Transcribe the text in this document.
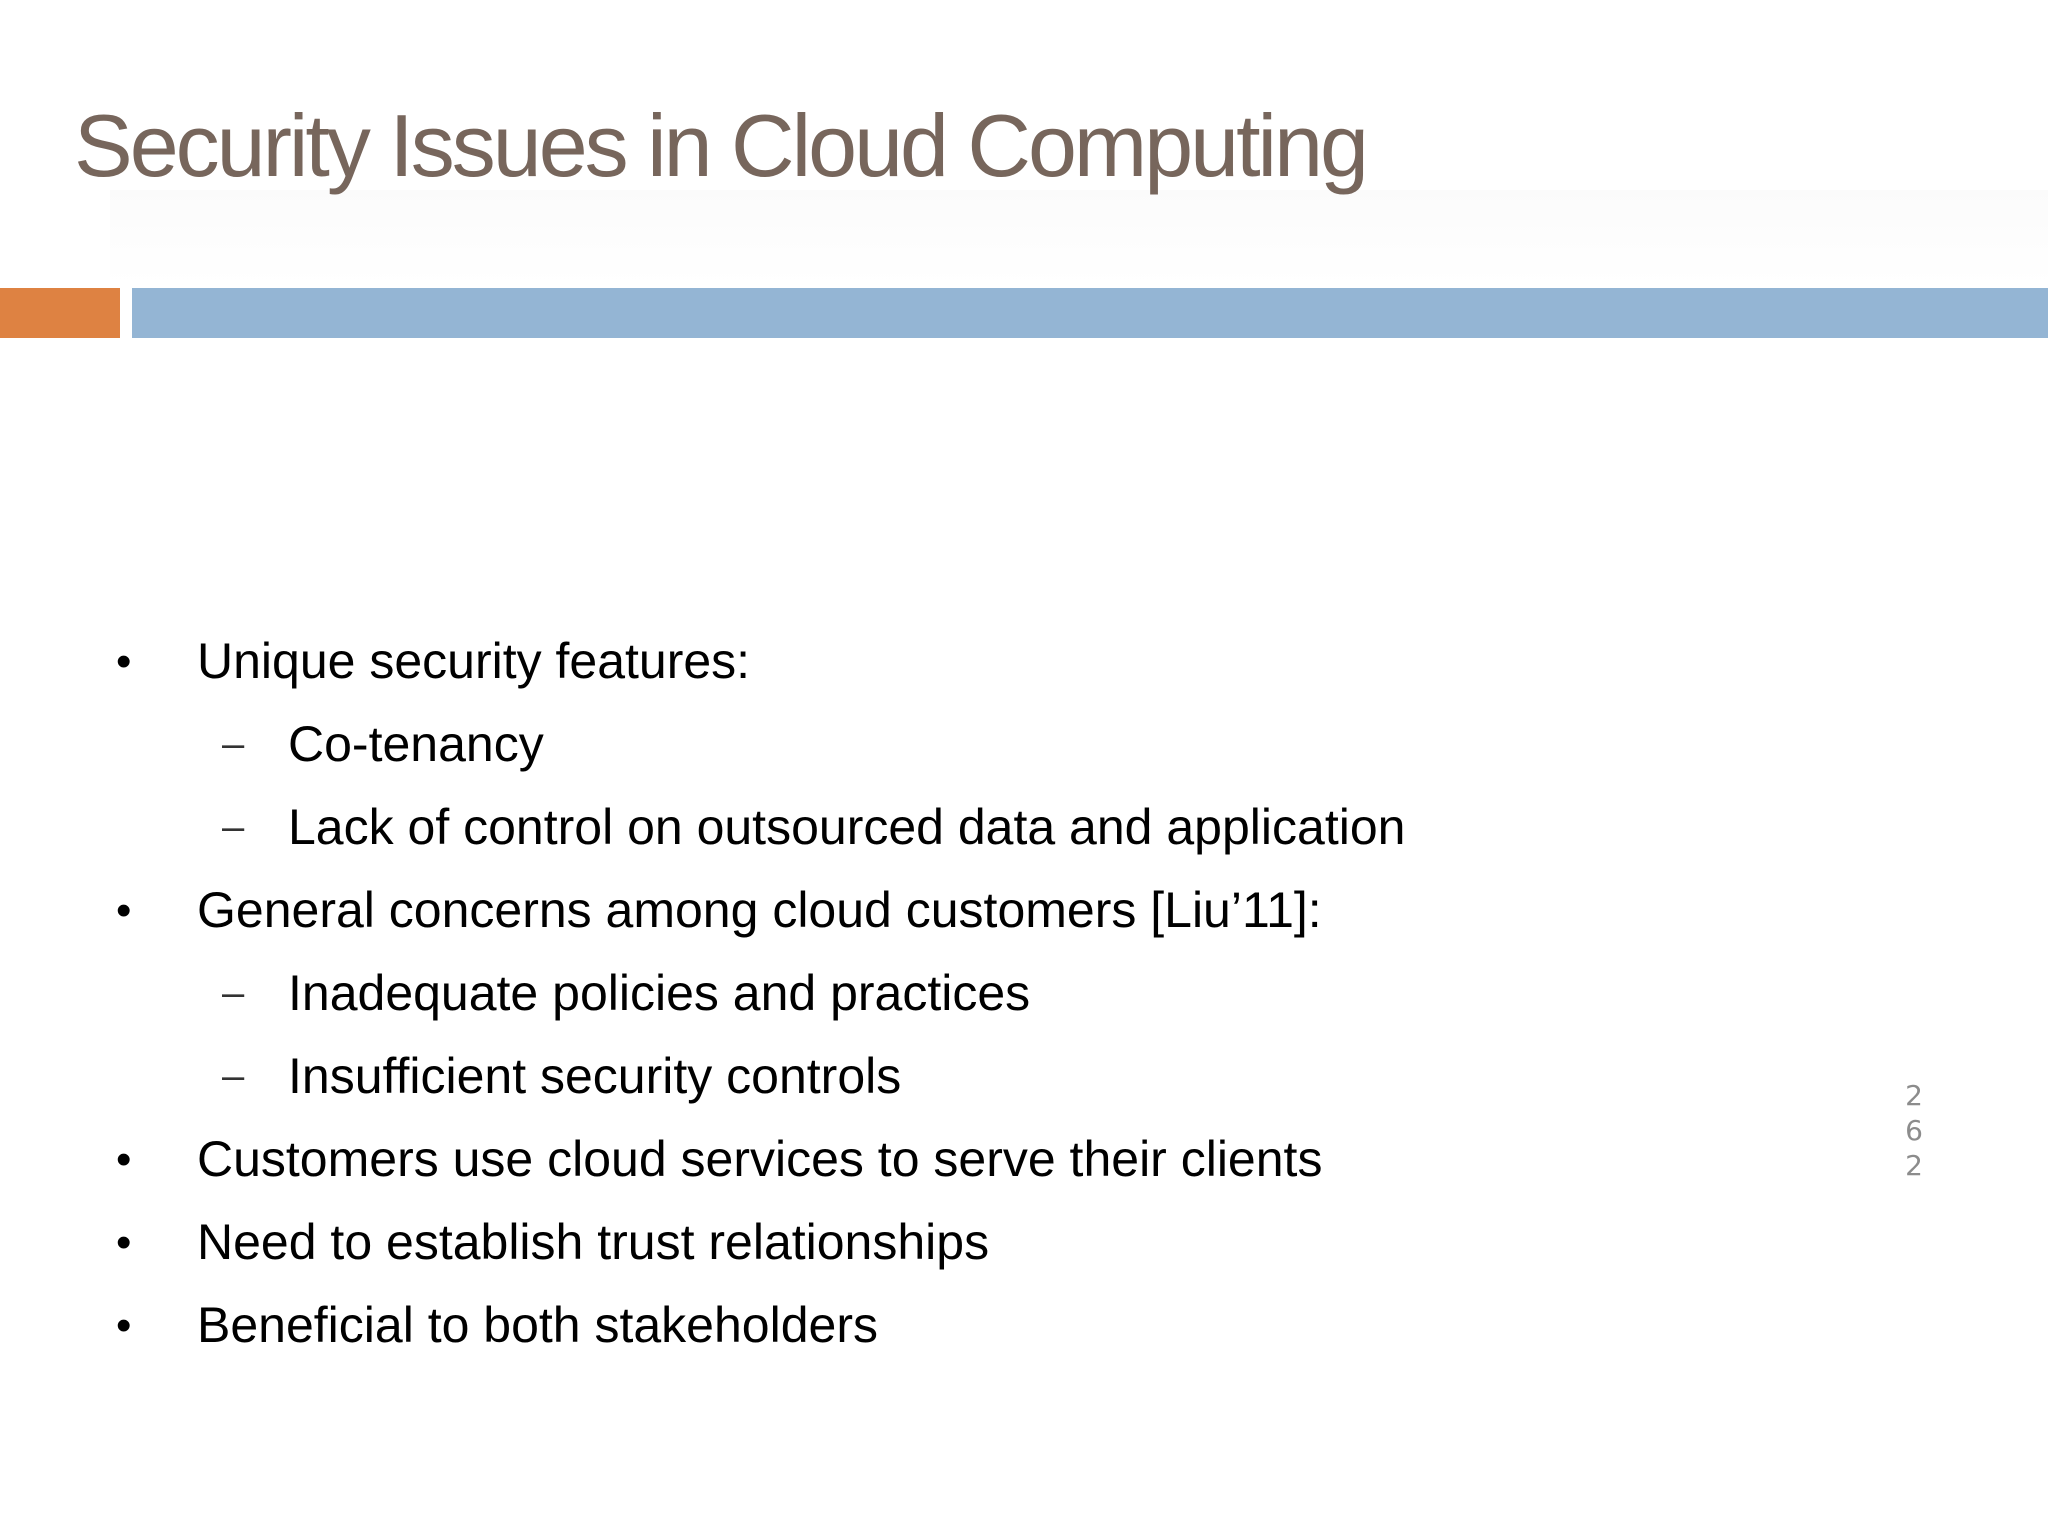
Security Issues in Cloud Computing
• Unique security features:
– Co-tenancy
– Lack of control on outsourced data and application
• General concerns among cloud customers [Liu’11]:
– Inadequate policies and practices
– Insufficient security controls
• Customers use cloud services to serve their clients
• Need to establish trust relationships
• Beneficial to both stakeholders
2
6
2
